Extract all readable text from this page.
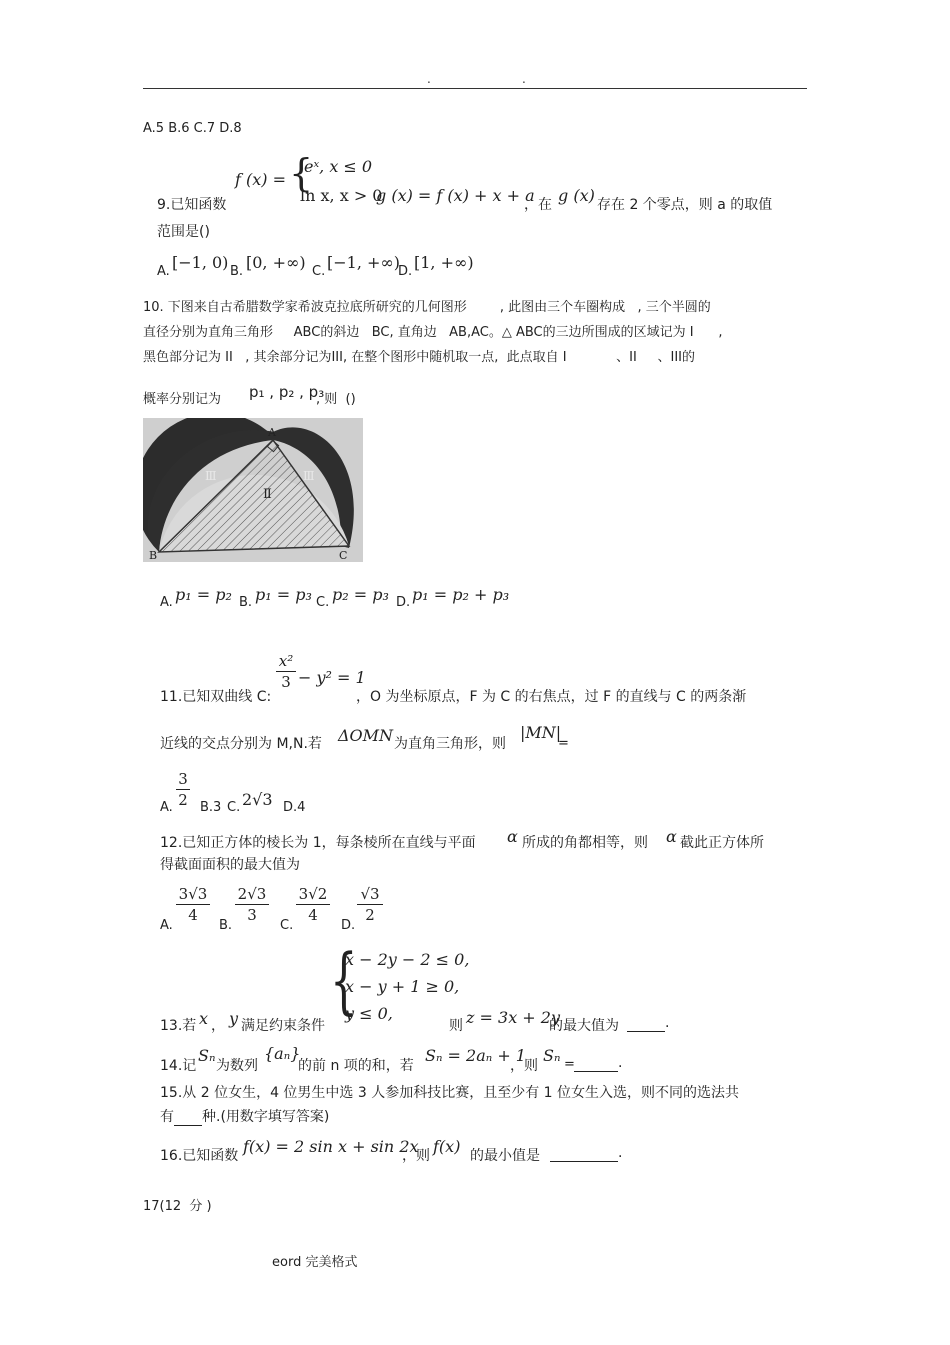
.	.
A.5 B.6 C.7 D.8
f (x) = {
eˣ, x ≤ 0
ln x, x > 0
g (x) = f (x) + x + a
9.已知函数	，在 g (x) 存在 2 个零点，则 a 的取值
范围是()
A. [−1, 0) B. [0, +∞) C. [−1, +∞)
D. [1, +∞)
10. 下图来自古希腊数学家希波克拉底所研究的几何图形        , 此图由三个车圈构成   , 三个半圆的
直径分别为直角三角形     ABC的斜边   BC, 直角边   AB,AC。△ ABC的三边所围成的区域记为 I      ,
黑色部分记为 II   , 其余部分记为III, 在整个图形中随机取一点,  此点取自 I            、II     、III的
概率分别记为 p₁ , p₂ , p₃
, 则  ()
A
B	C
Ⅲ	Ⅲ
Ⅱ
A. p₁ = p₂ B. p₁ = p₃ C. p₂ = p₃ D. p₁ = p₂ + p₃
x²
3 − y² = 1
11.已知双曲线 C:	，O 为坐标原点，F 为 C 的右焦点，过 F 的直线与 C 的两条渐
近线的交点分别为 M,N.若 ΔOMN 为直角三角形，则
|MN|
=
A.
3
2 B.3 C. 2√3 D.4
12.已知正方体的棱长为 1，每条棱所在直线与平面 α 所成的角都相等，则 α 截此正方体所
得截面面积的最大值为
A.
3√3
4
B.
2√3
3
C.
3√2
4
D.
√3
2
{
x − 2y − 2 ≤ 0,
x − y + 1 ≥ 0,
y ≤ 0,
13.若 x ， y 满足约束条件	则 z = 3x + 2y
的最大值为	.
14.记
Sₙ
为数列
{aₙ}
的前 n 项的和，若
Sₙ = 2aₙ + 1
，则
Sₙ =	.
15.从 2 位女生，4 位男生中选 3 人参加科技比赛，且至少有 1 位女生入选，则不同的选法共
有 种.(用数字填写答案)
16.已知函数 f(x) = 2 sin x + sin 2x
，则 f(x) 的最小值是	.
17(12  分 )
eord 完美格式
